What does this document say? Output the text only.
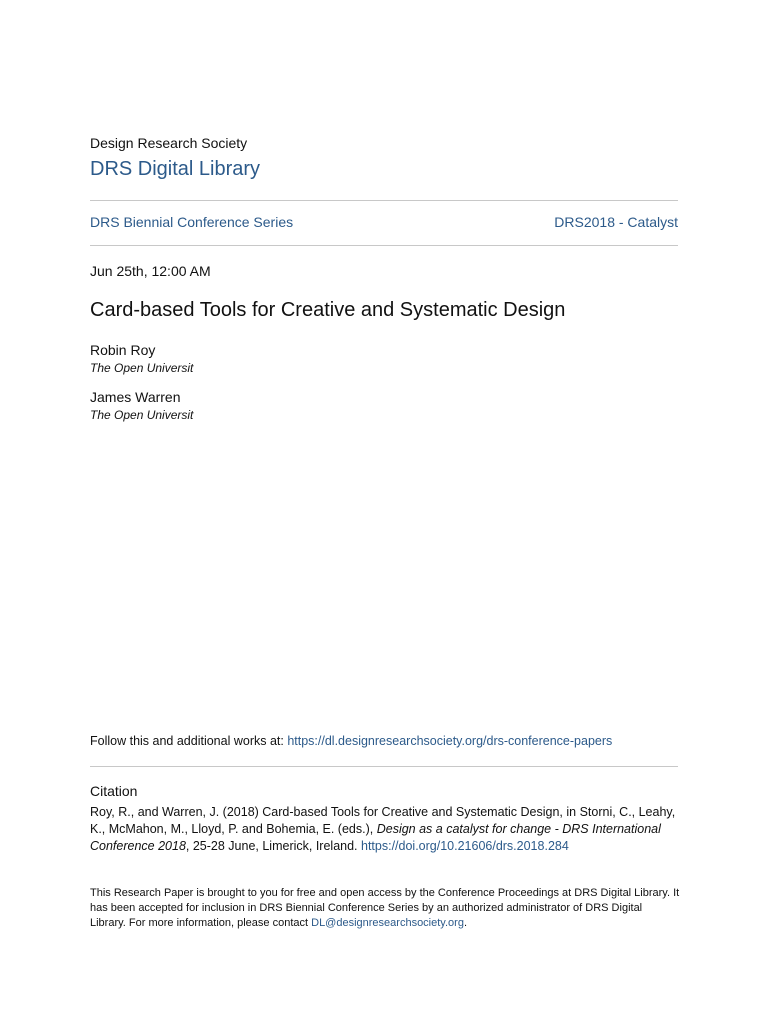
Design Research Society
DRS Digital Library
DRS Biennial Conference Series	DRS2018 - Catalyst
Jun 25th, 12:00 AM
Card-based Tools for Creative and Systematic Design
Robin Roy
The Open Universit
James Warren
The Open Universit
Follow this and additional works at: https://dl.designresearchsociety.org/drs-conference-papers
Citation
Roy, R., and Warren, J. (2018) Card-based Tools for Creative and Systematic Design, in Storni, C., Leahy, K., McMahon, M., Lloyd, P. and Bohemia, E. (eds.), Design as a catalyst for change - DRS International Conference 2018, 25-28 June, Limerick, Ireland. https://doi.org/10.21606/drs.2018.284
This Research Paper is brought to you for free and open access by the Conference Proceedings at DRS Digital Library. It has been accepted for inclusion in DRS Biennial Conference Series by an authorized administrator of DRS Digital Library. For more information, please contact DL@designresearchsociety.org.
